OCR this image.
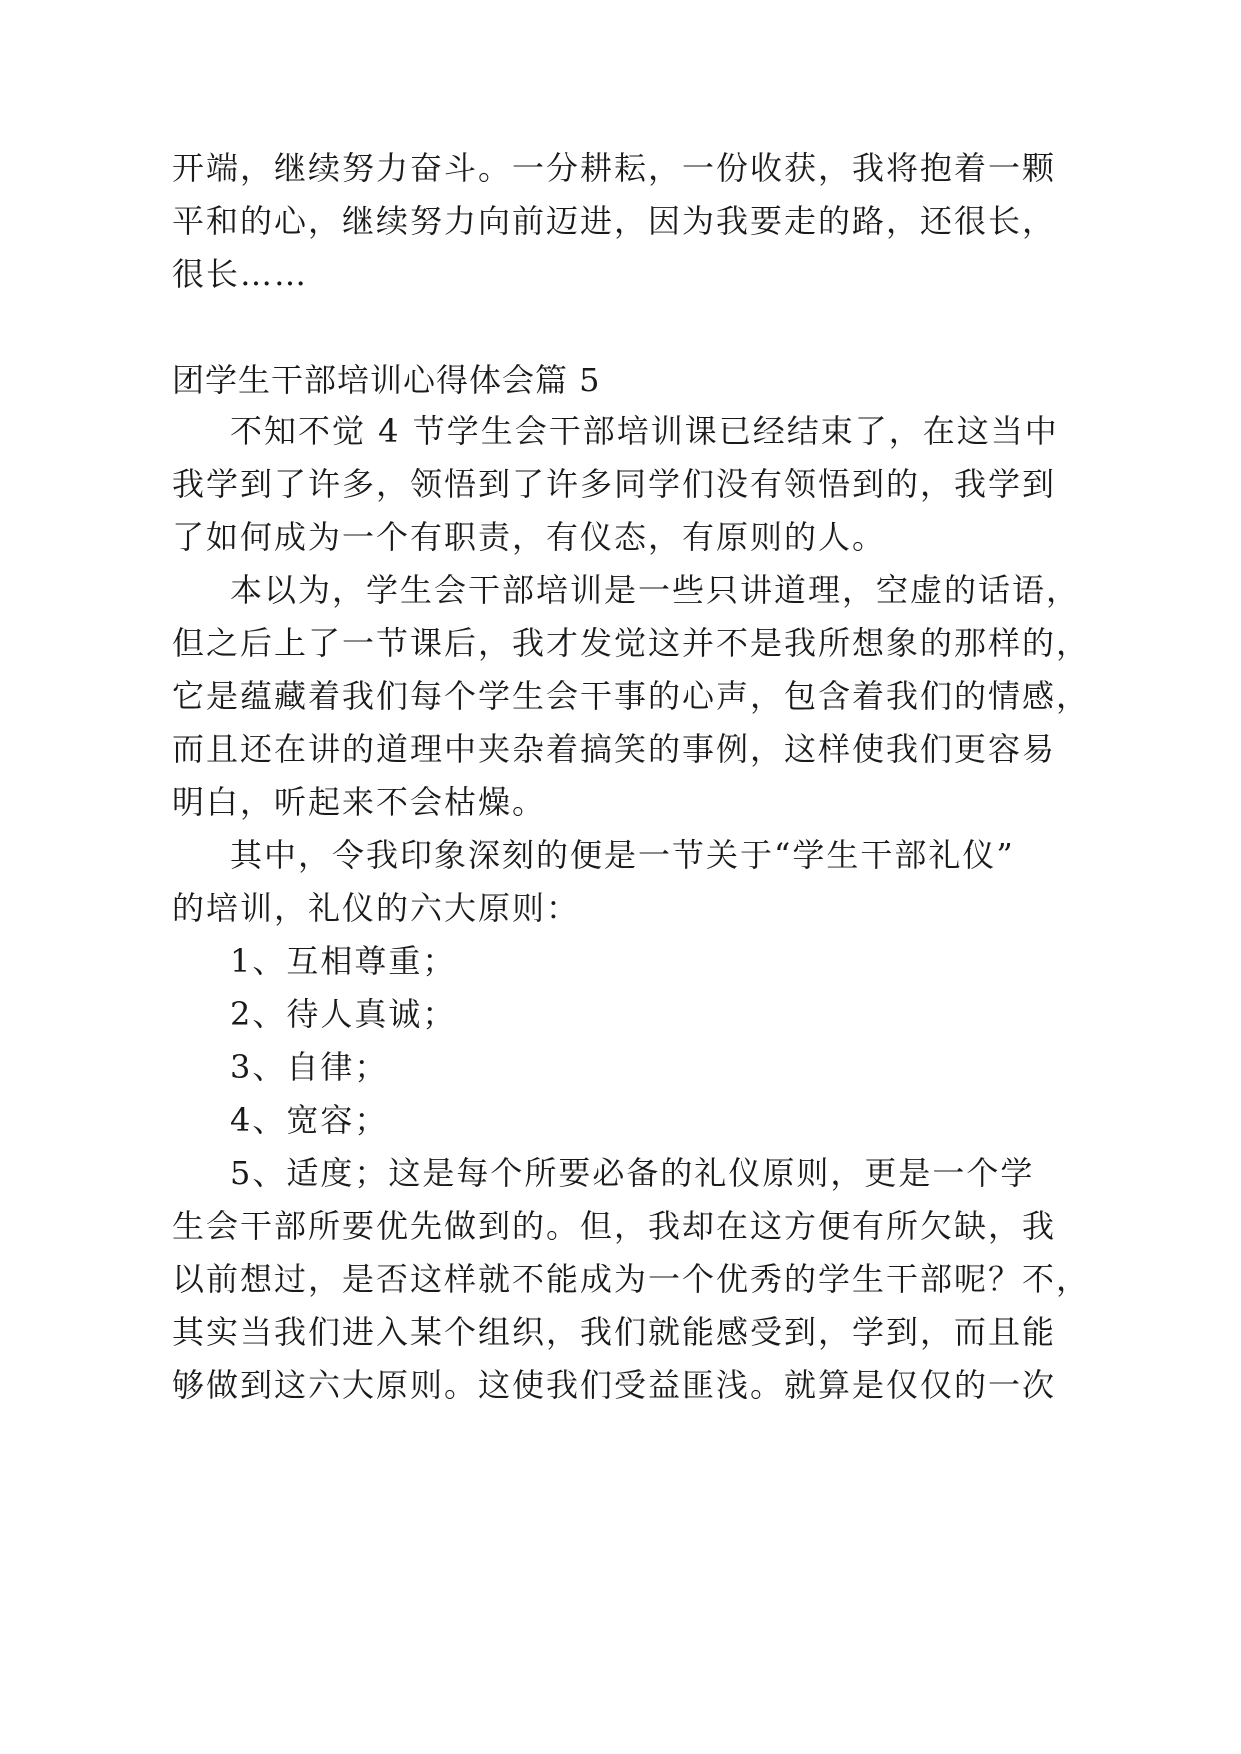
开端，继续努力奋斗。一分耕耘，一份收获，我将抱着一颗
平和的心，继续努力向前迈进，因为我要走的路，还很长，
很长……
团学生干部培训心得体会篇 5
不知不觉 4 节学生会干部培训课已经结束了，在这当中
我学到了许多，领悟到了许多同学们没有领悟到的，我学到
了如何成为一个有职责，有仪态，有原则的人。
本以为，学生会干部培训是一些只讲道理，空虚的话语，
但之后上了一节课后，我才发觉这并不是我所想象的那样的，
它是蕴藏着我们每个学生会干事的心声，包含着我们的情感，
而且还在讲的道理中夹杂着搞笑的事例，这样使我们更容易
明白，听起来不会枯燥。
其中，令我印象深刻的便是一节关于“学生干部礼仪”
的培训，礼仪的六大原则：
1、互相尊重；
2、待人真诚；
3、自律；
4、宽容；
5、适度；这是每个所要必备的礼仪原则，更是一个学
生会干部所要优先做到的。但，我却在这方便有所欠缺，我
以前想过，是否这样就不能成为一个优秀的学生干部呢？不，
其实当我们进入某个组织，我们就能感受到，学到，而且能
够做到这六大原则。这使我们受益匪浅。就算是仅仅的一次
